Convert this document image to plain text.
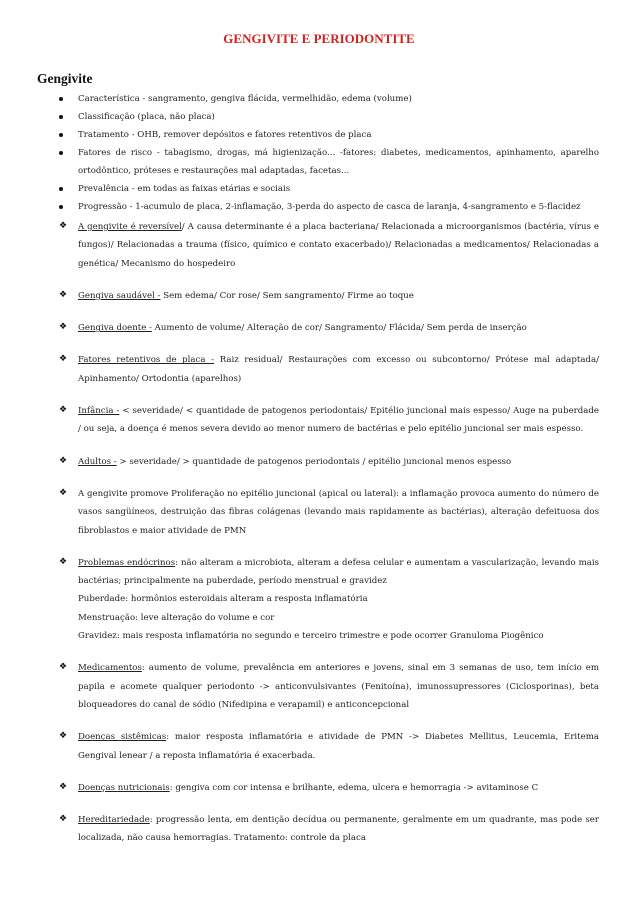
GENGIVITE E PERIODONTITE
Gengivite
Característica - sangramento, gengiva flácida, vermelhidão, edema (volume)
Classificação (placa, não placa)
Tratamento - OHB, remover depósitos e fatores retentivos de placa
Fatores de risco - tabagismo, drogas, má higienização... -fatores: diabetes, medicamentos, apinhamento, aparelho ortodôntico, próteses e restaurações mal adaptadas, facetas...
Prevalência - em todas as faixas etárias e sociais
Progressão - 1-acumulo de placa, 2-inflamação, 3-perda do aspecto de casca de laranja, 4-sangramento e 5-flacidez
❖ A gengivite é reversível/ A causa determinante é a placa bacteriana/ Relacionada a microorganismos (bactéria, vírus e fungos)/ Relacionadas a trauma (físico, químico e contato exacerbado)/ Relacionadas a medicamentos/ Relacionadas a genética/ Mecanismo do hospedeiro
❖ Gengiva saudável - Sem edema/ Cor rose/ Sem sangramento/ Firme ao toque
❖ Gengiva doente - Aumento de volume/ Alteração de cor/ Sangramento/ Flácida/ Sem perda de inserção
❖ Fatores retentivos de placa - Raiz residual/ Restaurações com excesso ou subcontorno/ Prótese mal adaptada/ Apinhamento/ Ortodontia (aparelhos)
❖ Infância - < severidade/ < quantidade de patogenos periodontais/ Epitélio juncional mais espesso/ Auge na puberdade / ou seja, a doença é menos severa devido ao menor numero de bactérias e pelo epitélio juncional ser mais espesso.
❖ Adultos - > severidade/ > quantidade de patogenos periodontais / epitélio juncional menos espesso
❖ A gengivite promove Proliferação no epitélio juncional (apical ou lateral): a inflamação provoca aumento do número de vasos sangüíneos, destruição das fibras colágenas (levando mais rapidamente as bactérias), alteração defeituosa dos fibroblastos e maior atividade de PMN
❖ Problemas endócrinos: não alteram a microbiota, alteram a defesa celular e aumentam a vascularização, levando mais bactérias; principalmente na puberdade, período menstrual e gravidez
Puberdade: hormônios esteroidais alteram a resposta inflamatória
Menstruação: leve alteração do volume e cor
Gravidez: mais resposta inflamatória no segundo e terceiro trimestre e pode ocorrer Granuloma Piogênico
❖ Medicamentos: aumento de volume, prevalência em anteriores e jovens, sinal em 3 semanas de uso, tem início em papila e acomete qualquer periodonto -> anticonvulsivantes (Fenitoína), imunossupressores (Ciclosporinas), beta bloqueadores do canal de sódio (Nifedipina e verapamil) e anticoncepcional
❖ Doenças sistêmicas: maior resposta inflamatória e atividade de PMN -> Diabetes Mellitus, Leucemia, Eritema Gengival lenear / a reposta inflamatória é exacerbada.
❖ Doenças nutricionais: gengiva com cor intensa e brilhante, edema, ulcera e hemorragia -> avitaminose C
❖ Hereditariedade: progressão lenta, em dentição decídua ou permanente, geralmente em um quadrante, mas pode ser localizada, não causa hemorragias. Tratamento: controle da placa
